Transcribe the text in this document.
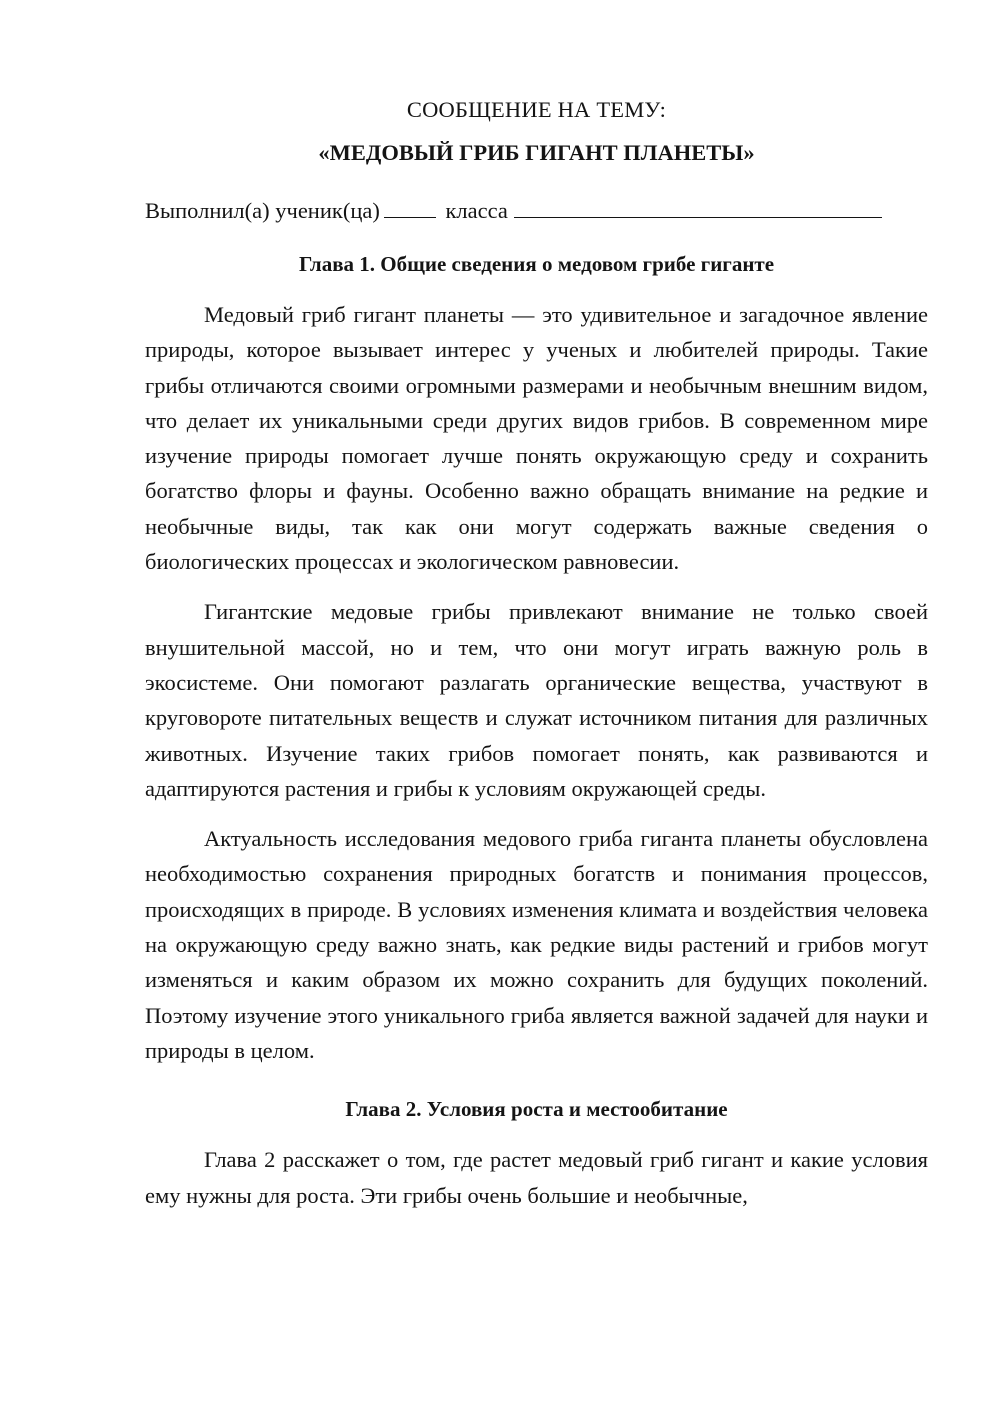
СООБЩЕНИЕ НА ТЕМУ:

«МЕДОВЫЙ ГРИБ ГИГАНТ ПЛАНЕТЫ»

Выполнил(а) ученик(ца)	класса

Глава 1. Общие сведения о медовом грибе гиганте

Медовый гриб гигант планеты — это удивительное и загадочное явление природы, которое вызывает интерес у ученых и любителей природы. Такие грибы отличаются своими огромными размерами и необычным внешним видом, что делает их уникальными среди других видов грибов. В современном мире изучение природы помогает лучше понять окружающую среду и сохранить богатство флоры и фауны. Особенно важно обращать внимание на редкие и необычные виды, так как они могут содержать важные сведения о биологических процессах и экологическом равновесии.

Гигантские медовые грибы привлекают внимание не только своей внушительной массой, но и тем, что они могут играть важную роль в экосистеме. Они помогают разлагать органические вещества, участвуют в круговороте питательных веществ и служат источником питания для различных животных. Изучение таких грибов помогает понять, как развиваются и адаптируются растения и грибы к условиям окружающей среды.

Актуальность исследования медового гриба гиганта планеты обусловлена необходимостью сохранения природных богатств и понимания процессов, происходящих в природе. В условиях изменения климата и воздействия человека на окружающую среду важно знать, как редкие виды растений и грибов могут изменяться и каким образом их можно сохранить для будущих поколений. Поэтому изучение этого уникального гриба является важной задачей для науки и природы в целом.

Глава 2. Условия роста и местообитание

Глава 2 расскажет о том, где растет медовый гриб гигант и какие условия ему нужны для роста. Эти грибы очень большие и необычные,
